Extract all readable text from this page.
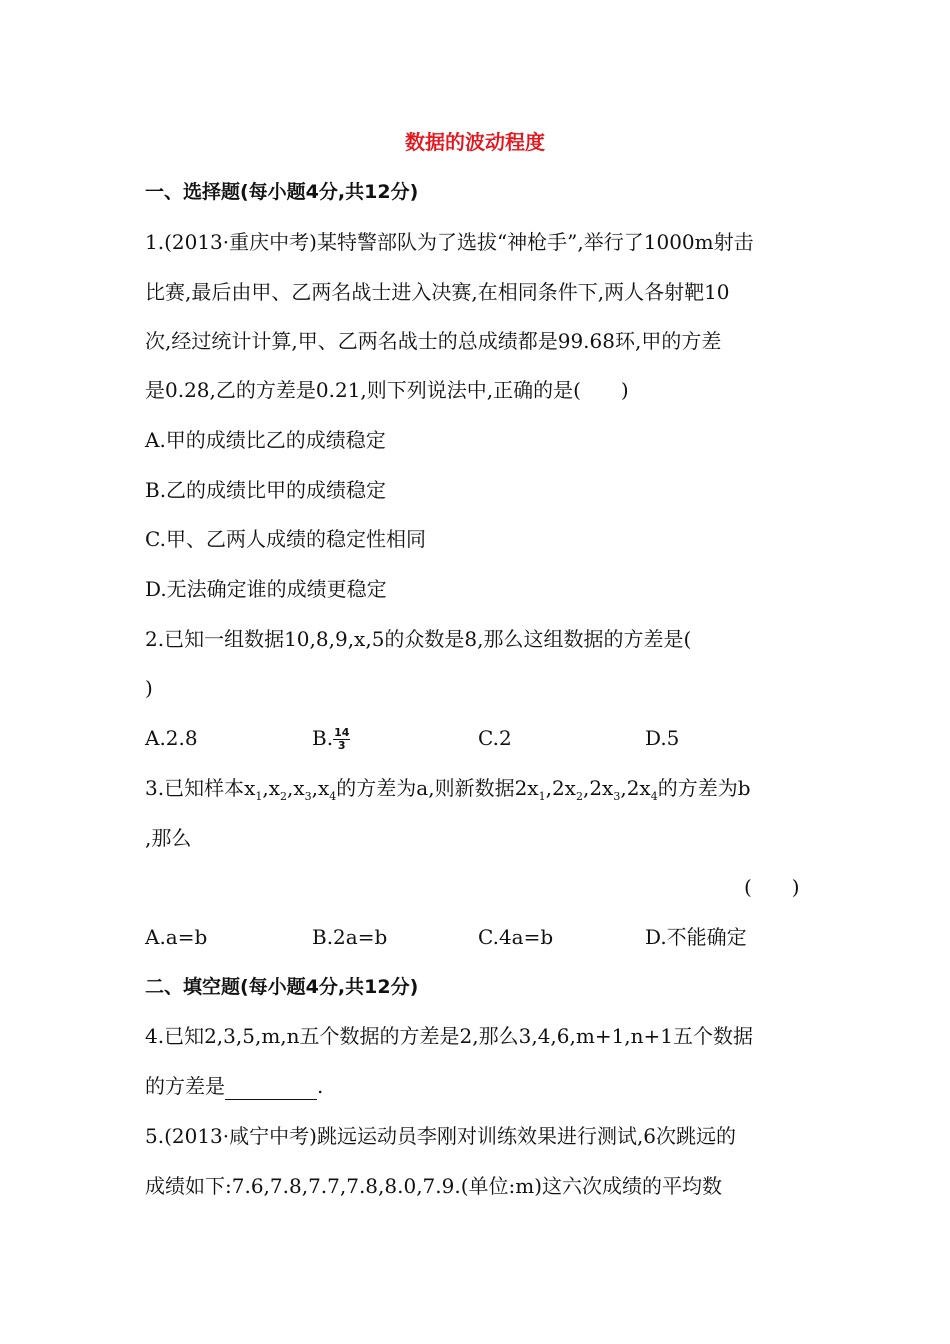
数据的波动程度
一、选择题(每小题4分,共12分)
1.(2013·重庆中考)某特警部队为了选拔“神枪手”,举行了1000m射击
比赛,最后由甲、乙两名战士进入决赛,在相同条件下,两人各射靶10
次,经过统计计算,甲、乙两名战士的总成绩都是99.68环,甲的方差
是0.28,乙的方差是0.21,则下列说法中,正确的是(　　)
A.甲的成绩比乙的成绩稳定
B.乙的成绩比甲的成绩稳定
C.甲、乙两人成绩的稳定性相同
D.无法确定谁的成绩更稳定
2.已知一组数据10,8,9,x,5的众数是8,那么这组数据的方差是(
)
A.2.8	B. $\frac{14}{3}$	C.2	D.5
3.已知样本$x_1,x_2,x_3,x_4$的方差为a,则新数据$2x_1,2x_2,2x_3,2x_4$的方差为b
,那么
(　　)
A.a=b	B.2a=b	C.4a=b	D.不能确定
二、填空题(每小题4分,共12分)
4.已知2,3,5,m,n五个数据的方差是2,那么3,4,6,m+1,n+1五个数据
的方差是	.
5.(2013·咸宁中考)跳远运动员李刚对训练效果进行测试,6次跳远的
成绩如下:7.6,7.8,7.7,7.8,8.0,7.9.(单位:m)这六次成绩的平均数
